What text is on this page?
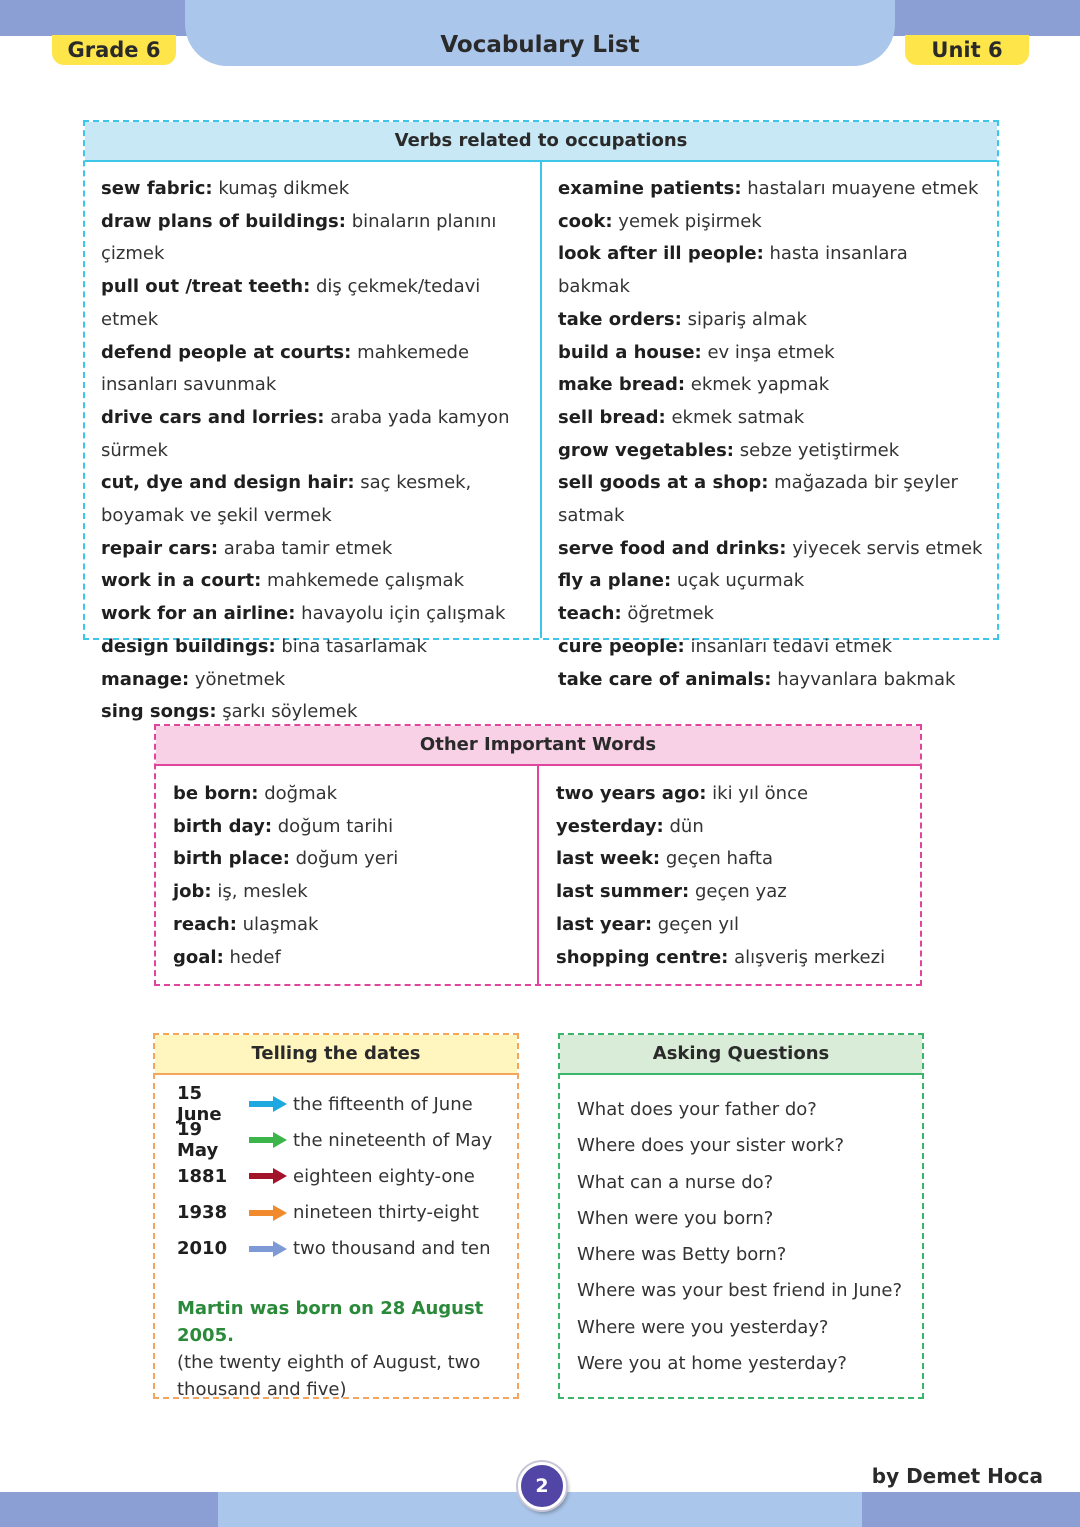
Vocabulary List
Grade 6	Unit 6
Verbs related to occupations
sew fabric: kumaş dikmek
draw plans of buildings: binaların planını çizmek
pull out /treat teeth: diş çekmek/tedavi etmek
defend people at courts: mahkemede insanları savunmak
drive cars and lorries: araba yada kamyon sürmek
cut, dye and design hair: saç kesmek, boyamak ve şekil vermek
repair cars: araba tamir etmek
work in a court: mahkemede çalışmak
work for an airline: havayolu için çalışmak
design buildings: bina tasarlamak
manage: yönetmek
sing songs: şarkı söylemek
examine patients: hastaları muayene etmek
cook: yemek pişirmek
look after ill people: hasta insanlara bakmak
take orders: sipariş almak
build a house: ev inşa etmek
make bread: ekmek yapmak
sell bread: ekmek satmak
grow vegetables: sebze yetiştirmek
sell goods at a shop: mağazada bir şeyler satmak
serve food and drinks: yiyecek servis etmek
fly a plane: uçak uçurmak
teach: öğretmek
cure people: insanları tedavi etmek
take care of animals: hayvanlara bakmak
Other Important Words
be born: doğmak
birth day: doğum tarihi
birth place: doğum yeri
job: iş, meslek
reach: ulaşmak
goal: hedef
two years ago: iki yıl önce
yesterday: dün
last week: geçen hafta
last summer: geçen yaz
last year: geçen yıl
shopping centre: alışveriş merkezi
Telling the dates
15 June	the fifteenth of June
19 May	the nineteenth of May
1881	eighteen eighty-one
1938	nineteen thirty-eight
2010	two thousand and ten
Martin was born on 28 August 2005.
(the twenty eighth of August, two thousand and five)
Asking Questions
What does your father do?
Where does your sister work?
What can a nurse do?
When were you born?
Where was Betty born?
Where was your best friend in June?
Where were you yesterday?
Were you at home yesterday?
2	by Demet Hoca
